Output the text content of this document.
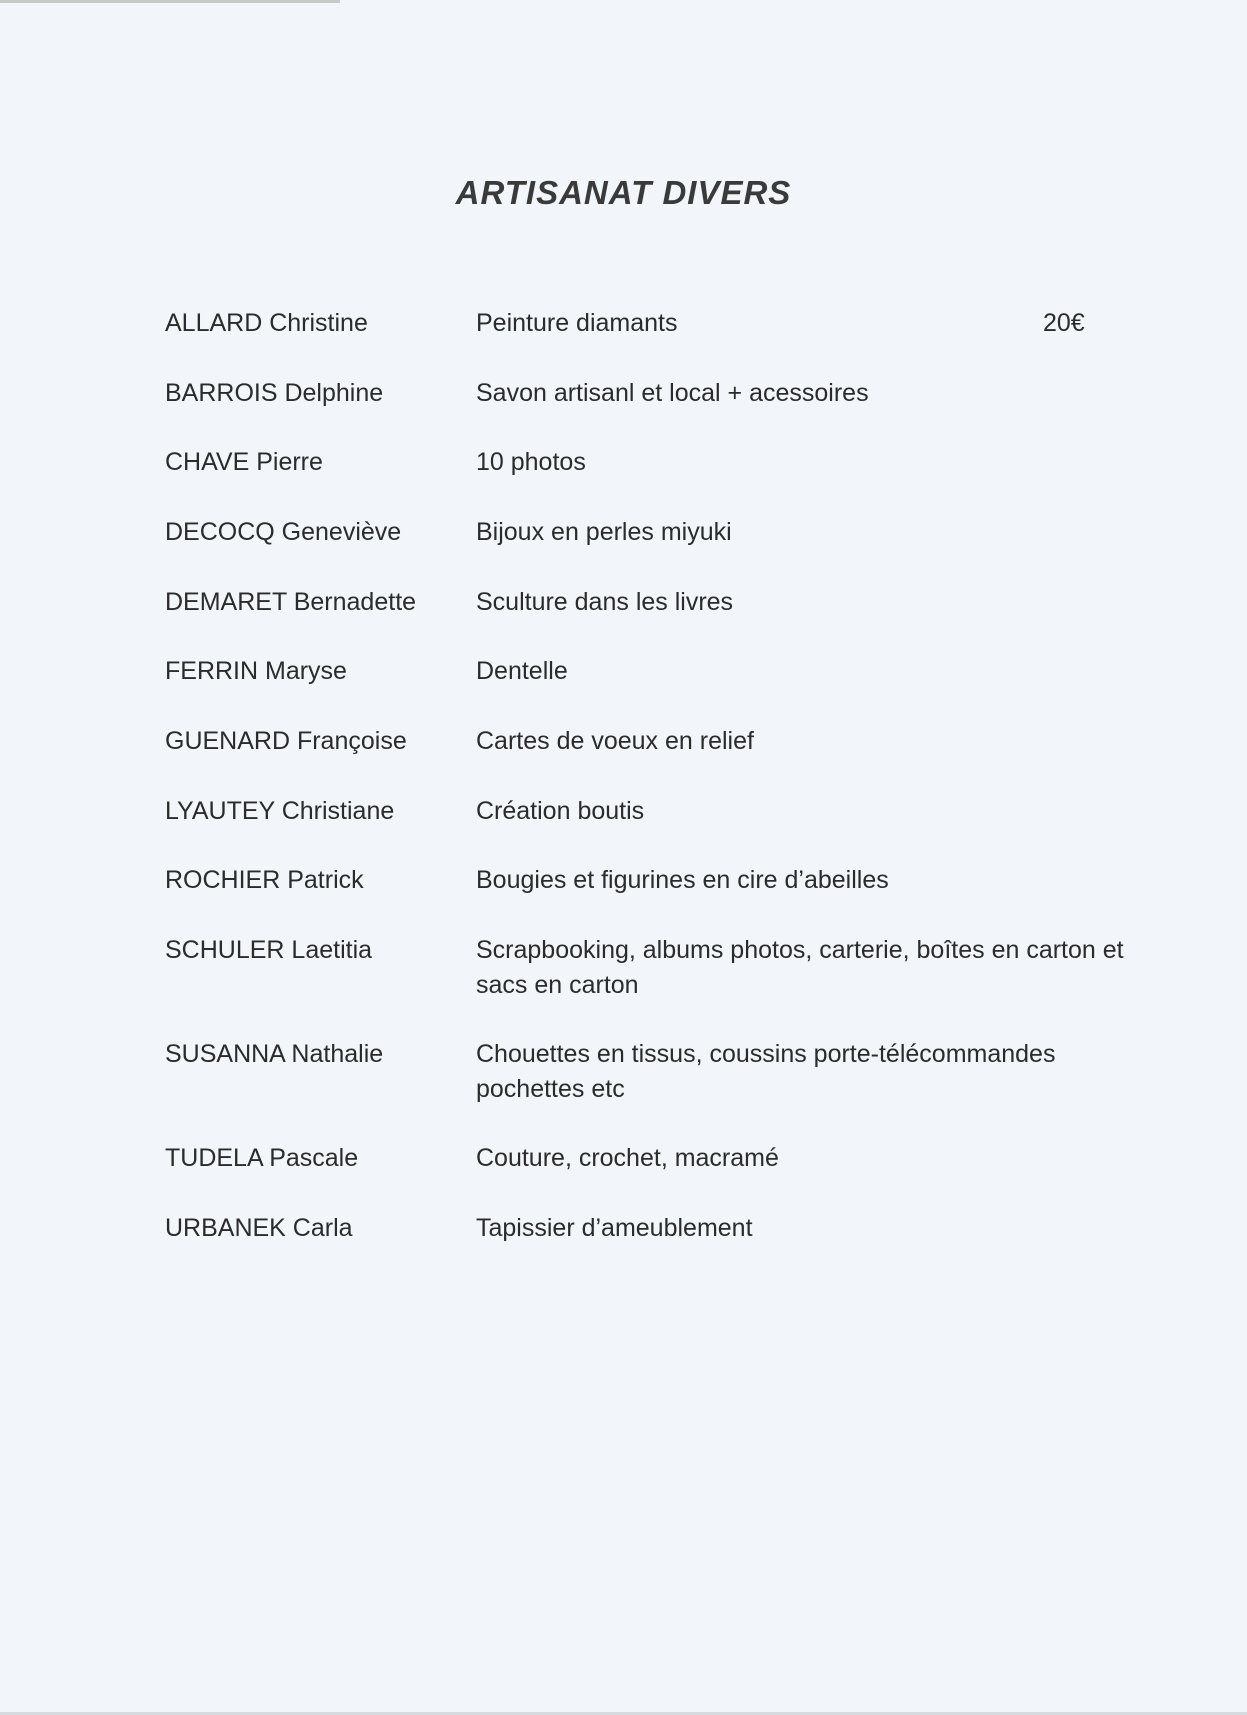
ARTISANAT DIVERS
ALLARD Christine	Peinture diamants	20€
BARROIS Delphine	Savon artisanl et local + acessoires
CHAVE Pierre	10 photos
DECOCQ Geneviève	Bijoux en perles miyuki
DEMARET Bernadette	Sculture dans les livres
FERRIN Maryse	Dentelle
GUENARD Françoise	Cartes de voeux en relief
LYAUTEY Christiane	Création boutis
ROCHIER Patrick	Bougies et figurines en cire d’abeilles
SCHULER Laetitia	Scrapbooking, albums photos, carterie, boîtes en carton et sacs en carton
SUSANNA Nathalie	Chouettes en tissus, coussins porte-télécommandes pochettes etc
TUDELA Pascale	Couture, crochet, macramé
URBANEK Carla	Tapissier d’ameublement
